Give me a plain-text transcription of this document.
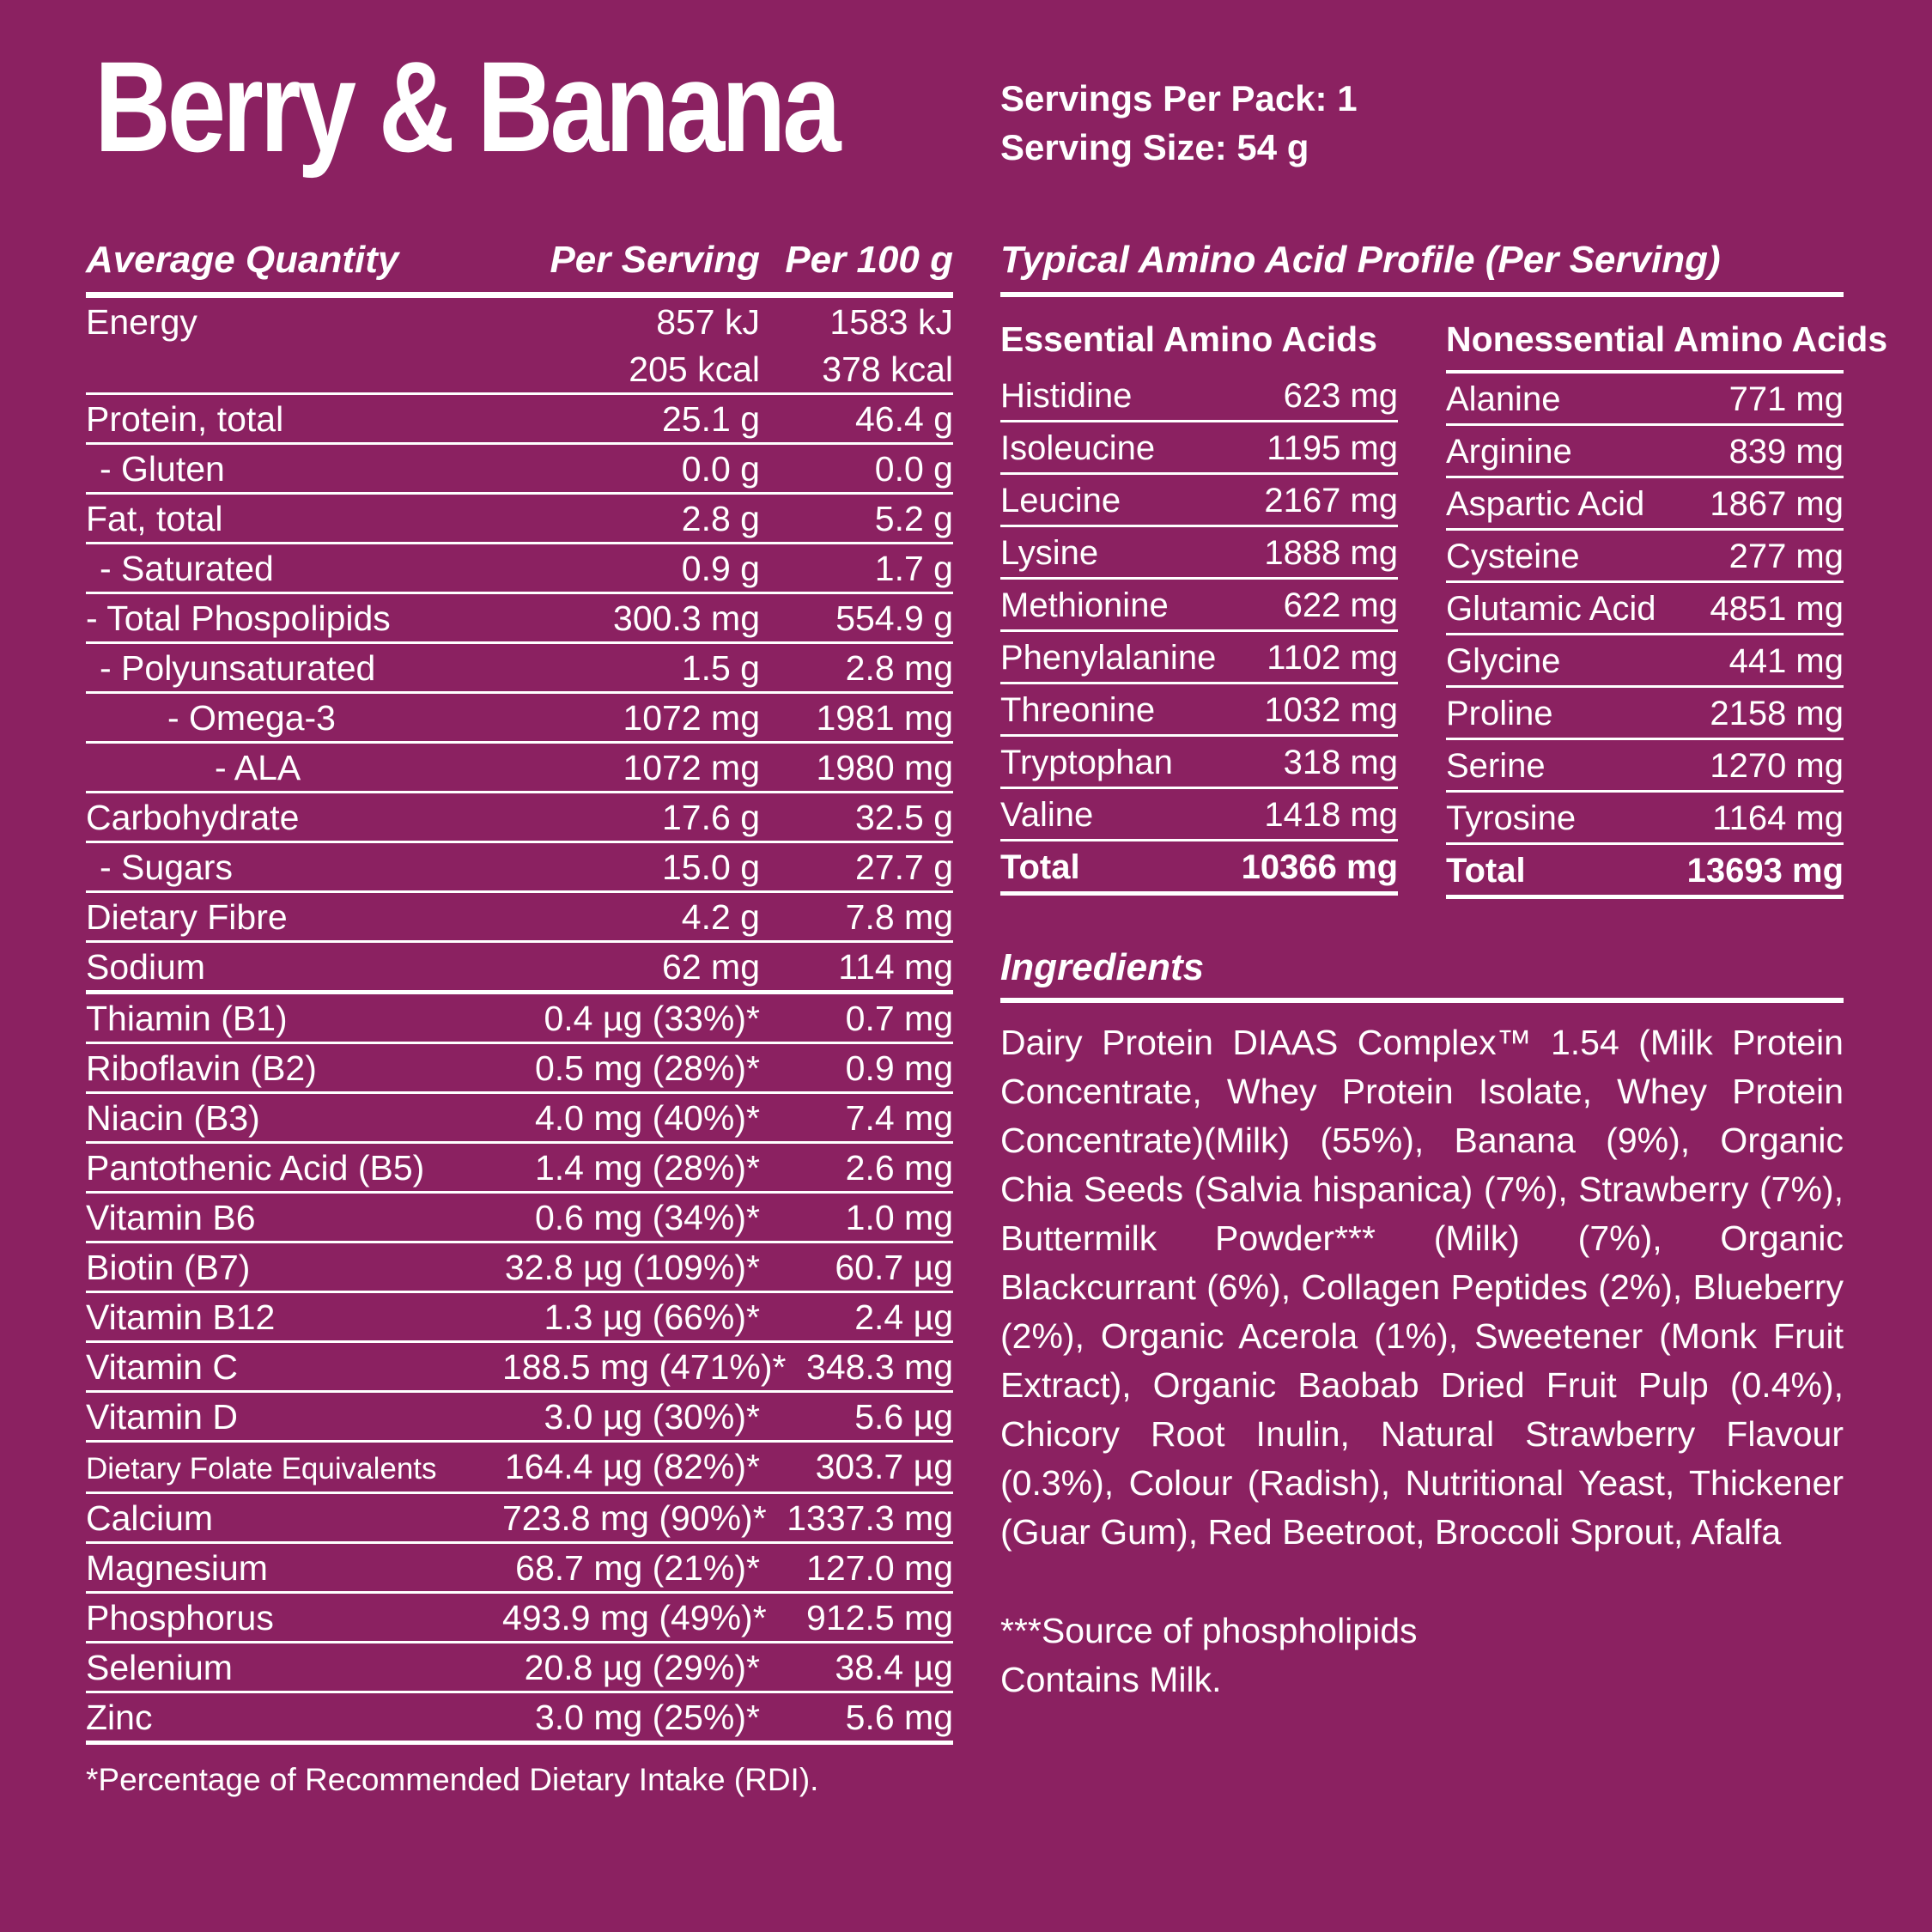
Berry & Banana	Servings Per Pack: 1
Serving Size: 54 g
Average Quantity	Per Serving Per 100 g
Energy	857 kJ	1583 kJ
205 kcal	378 kcal
Protein, total	25.1 g	46.4 g
- Gluten	0.0 g	0.0 g
Fat, total	2.8 g	5.2 g
- Saturated	0.9 g	1.7 g
- Total Phospolipids	300.3 mg	554.9 g
- Polyunsaturated	1.5 g	2.8 mg
- Omega-3	1072 mg	1981 mg
- ALA	1072 mg	1980 mg
Carbohydrate	17.6 g	32.5 g
- Sugars	15.0 g	27.7 g
Dietary Fibre	4.2 g	7.8 mg
Sodium	62 mg	114 mg
Thiamin (B1)	0.4 µg (33%)*	0.7 mg
Riboflavin (B2)	0.5 mg (28%)*	0.9 mg
Niacin (B3)	4.0 mg (40%)*	7.4 mg
Pantothenic Acid (B5)	1.4 mg (28%)*	2.6 mg
Vitamin B6	0.6 mg (34%)*	1.0 mg
Biotin (B7)	32.8 µg (109%)*	60.7 µg
Vitamin B12	1.3 µg (66%)*	2.4 µg
Vitamin C	188.5 mg (471%)* 348.3 mg
Vitamin D	3.0 µg (30%)*	5.6 µg
Dietary Folate Equivalents	164.4 µg (82%)*	303.7 µg
Calcium	723.8 mg (90%)* 1337.3 mg
Magnesium	68.7 mg (21%)*	127.0 mg
Phosphorus	493.9 mg (49%)*	912.5 mg
Selenium	20.8 µg (29%)*	38.4 µg
Zinc	3.0 mg (25%)*	5.6 mg
*Percentage of Recommended Dietary Intake (RDI).
Typical Amino Acid Profile (Per Serving)
Essential Amino Acids
Histidine	623 mg
Isoleucine	1195 mg
Leucine	2167 mg
Lysine	1888 mg
Methionine	622 mg
Phenylalanine 1102 mg
Threonine	1032 mg
Tryptophan	318 mg
Valine	1418 mg
Total	10366 mg
Nonessential Amino Acids
Alanine	771 mg
Arginine	839 mg
Aspartic Acid 1867 mg
Cysteine	277 mg
Glutamic Acid 4851 mg
Glycine	441 mg
Proline	2158 mg
Serine	1270 mg
Tyrosine	1164 mg
Total	13693 mg
Ingredients
Dairy Protein DIAAS Complex™ 1.54 (Milk Protein Concentrate, Whey Protein Isolate, Whey Protein Concentrate)(Milk) (55%), Banana (9%), Organic Chia Seeds (Salvia hispanica) (7%), Strawberry (7%), Buttermilk Powder*** (Milk) (7%), Organic Blackcurrant (6%), Collagen Peptides (2%), Blueberry (2%), Organic Acerola (1%), Sweetener (Monk Fruit Extract), Organic Baobab Dried Fruit Pulp (0.4%), Chicory Root Inulin, Natural Strawberry Flavour (0.3%), Colour (Radish), Nutritional Yeast, Thickener (Guar Gum), Red Beetroot, Broccoli Sprout, Afalfa
***Source of phospholipids
Contains Milk.
